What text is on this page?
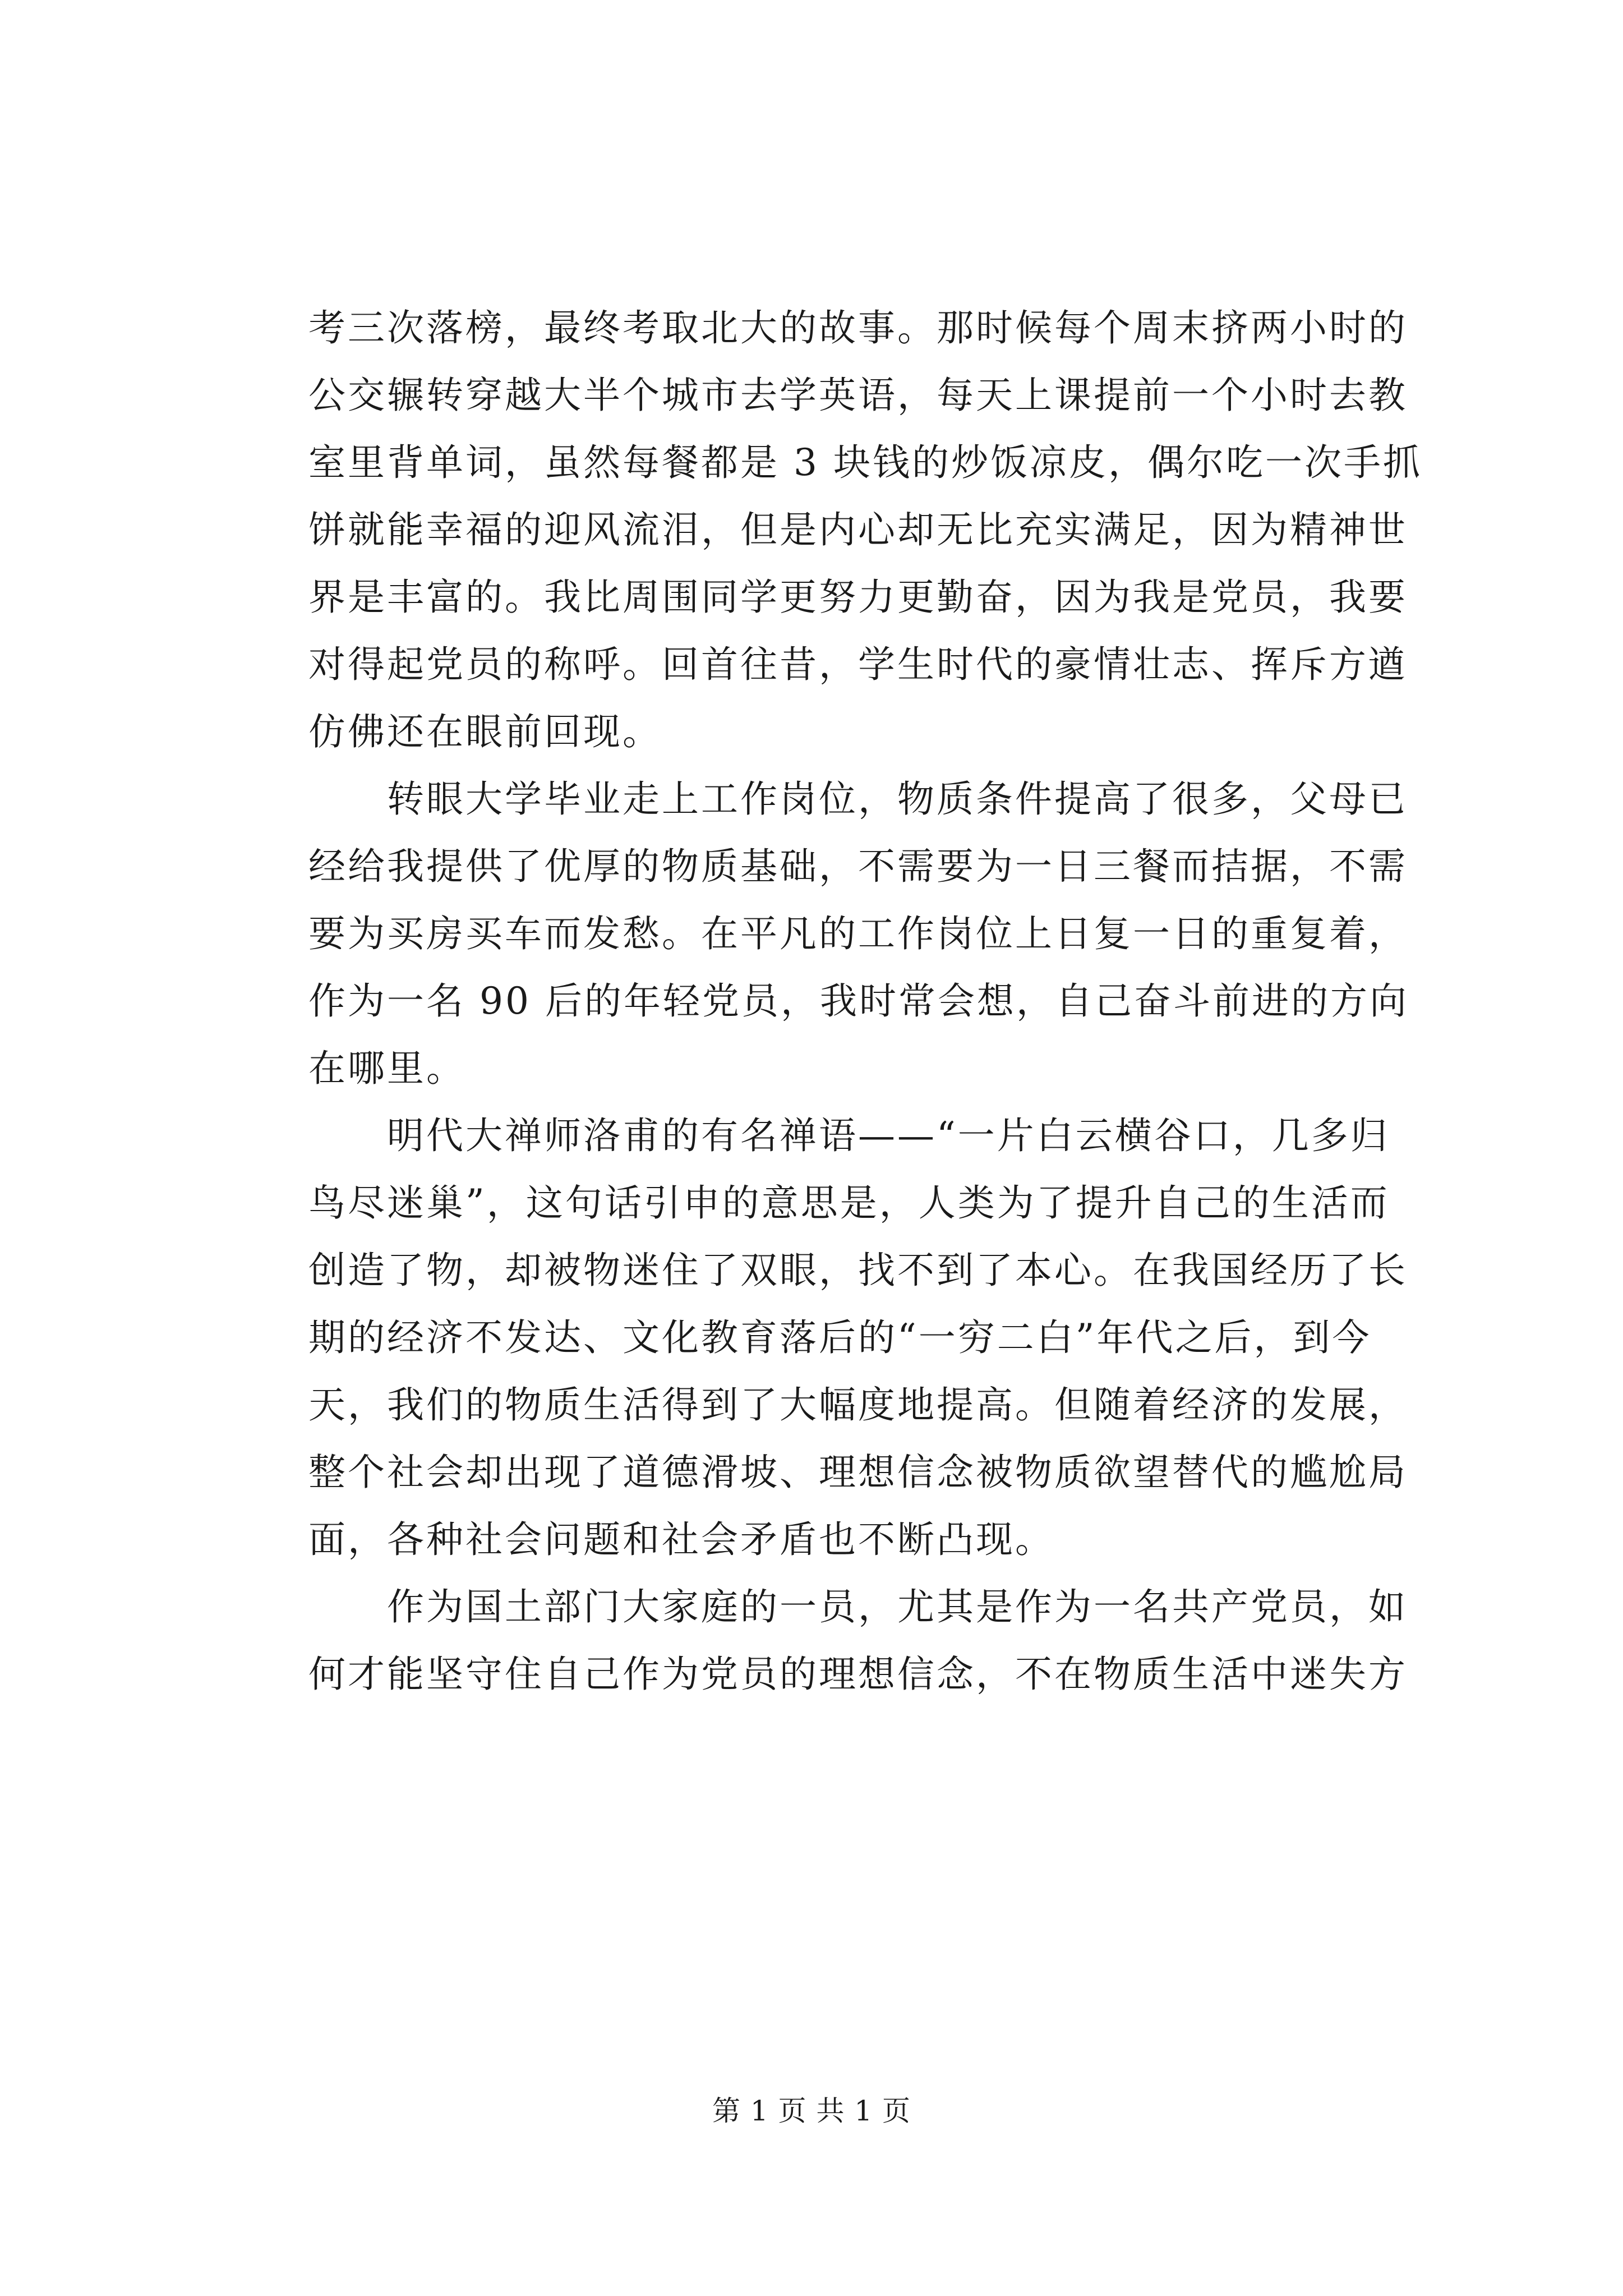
考三次落榜，最终考取北大的故事。那时候每个周末挤两小时的
公交辗转穿越大半个城市去学英语，每天上课提前一个小时去教
室里背单词，虽然每餐都是 3 块钱的炒饭凉皮，偶尔吃一次手抓
饼就能幸福的迎风流泪，但是内心却无比充实满足，因为精神世
界是丰富的。我比周围同学更努力更勤奋，因为我是党员，我要
对得起党员的称呼。回首往昔，学生时代的豪情壮志、挥斥方遒
仿佛还在眼前回现。
　　转眼大学毕业走上工作岗位，物质条件提高了很多，父母已
经给我提供了优厚的物质基础，不需要为一日三餐而拮据，不需
要为买房买车而发愁。在平凡的工作岗位上日复一日的重复着，
作为一名 90 后的年轻党员，我时常会想，自己奋斗前进的方向
在哪里。
　　明代大禅师洛甫的有名禅语——“一片白云横谷口，几多归
鸟尽迷巢”，这句话引申的意思是，人类为了提升自己的生活而
创造了物，却被物迷住了双眼，找不到了本心。在我国经历了长
期的经济不发达、文化教育落后的“一穷二白”年代之后，到今
天，我们的物质生活得到了大幅度地提高。但随着经济的发展，
整个社会却出现了道德滑坡、理想信念被物质欲望替代的尴尬局
面，各种社会问题和社会矛盾也不断凸现。
　　作为国土部门大家庭的一员，尤其是作为一名共产党员，如
何才能坚守住自己作为党员的理想信念，不在物质生活中迷失方
第 1 页 共 1 页
